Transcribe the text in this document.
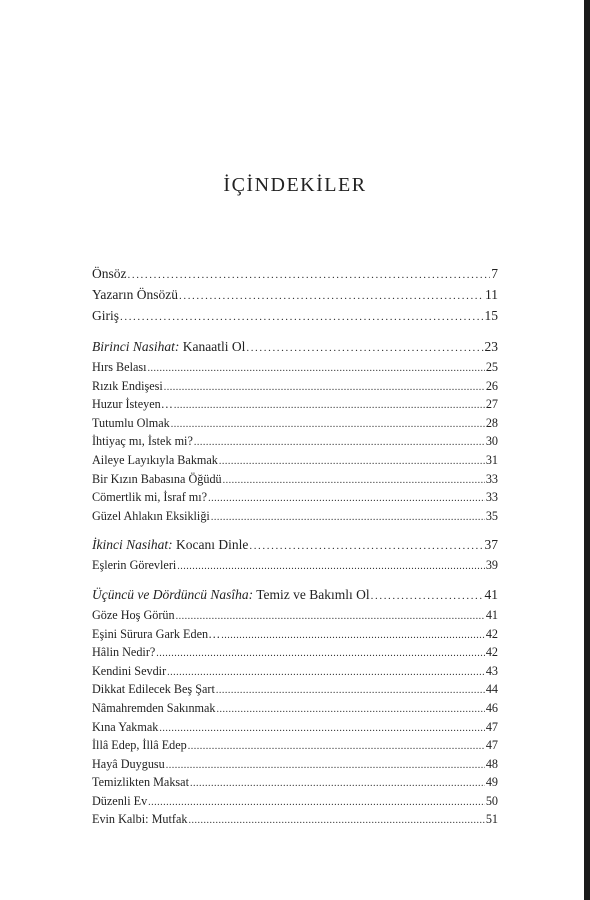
İÇİNDEKİLER
Önsöz .....	7
Yazarın Önsözü .....	11
Giriş .....	15
Birinci Nasihat: Kanaatli Ol .....	23
Hırs Belası .....	25
Rızık Endişesi .....	26
Huzur İsteyen… .....	27
Tutumlu Olmak .....	28
İhtiyaç mı, İstek mi? .....	30
Aileye Layıkıyla Bakmak .....	31
Bir Kızın Babasına Öğüdü .....	33
Cömertlik mi, İsraf mı? .....	33
Güzel Ahlakın Eksikliği .....	35
İkinci Nasihat: Kocanı Dinle .....	37
Eşlerin Görevleri .....	39
Üçüncü ve Dördüncü Nasîha: Temiz ve Bakımlı Ol .....	41
Göze Hoş Görün .....	41
Eşini Sürura Gark Eden… .....	42
Hâlin Nedir? .....	42
Kendini Sevdir .....	43
Dikkat Edilecek Beş Şart .....	44
Nâmahremden Sakınmak .....	46
Kına Yakmak .....	47
İllâ Edep, İllâ Edep .....	47
Hayâ Duygusu .....	48
Temizlikten Maksat .....	49
Düzenli Ev .....	50
Evin Kalbi: Mutfak .....	51
